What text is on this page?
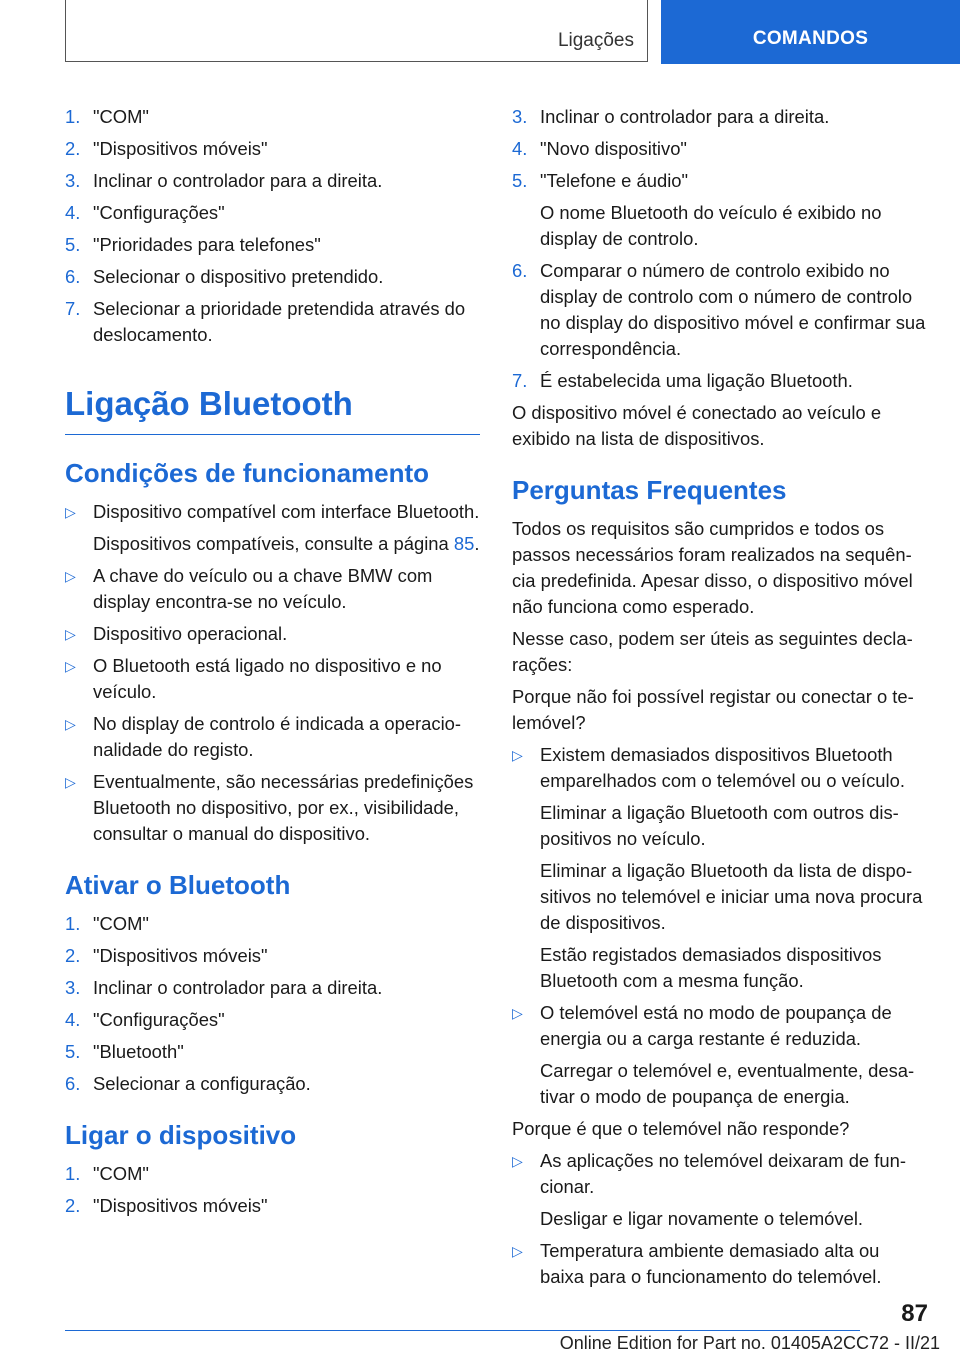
Ligações	COMANDOS
1. "COM"
2. "Dispositivos móveis"
3. Inclinar o controlador para a direita.
4. "Configurações"
5. "Prioridades para telefones"
6. Selecionar o dispositivo pretendido.
7. Selecionar a prioridade pretendida através do deslocamento.
Ligação Bluetooth
Condições de funcionamento
▷ Dispositivo compatível com interface Bluetooth.
Dispositivos compatíveis, consulte a página 85.
▷ A chave do veículo ou a chave BMW com display encontra-se no veículo.
▷ Dispositivo operacional.
▷ O Bluetooth está ligado no dispositivo e no veículo.
▷ No display de controlo é indicada a operacionalidade do registo.
▷ Eventualmente, são necessárias predefinições Bluetooth no dispositivo, por ex., visibilidade, consultar o manual do dispositivo.
Ativar o Bluetooth
1. "COM"
2. "Dispositivos móveis"
3. Inclinar o controlador para a direita.
4. "Configurações"
5. "Bluetooth"
6. Selecionar a configuração.
Ligar o dispositivo
1. "COM"
2. "Dispositivos móveis"
3. Inclinar o controlador para a direita.
4. "Novo dispositivo"
5. "Telefone e áudio"
O nome Bluetooth do veículo é exibido no display de controlo.
6. Comparar o número de controlo exibido no display de controlo com o número de controlo no display do dispositivo móvel e confirmar sua correspondência.
7. É estabelecida uma ligação Bluetooth.

O dispositivo móvel é conectado ao veículo e exibido na lista de dispositivos.

Perguntas Frequentes

Todos os requisitos são cumpridos e todos os passos necessários foram realizados na sequência predefinida. Apesar disso, o dispositivo móvel não funciona como esperado.

Nesse caso, podem ser úteis as seguintes declarações:

Porque não foi possível registar ou conectar o telemóvel?

▷ Existem demasiados dispositivos Bluetooth emparelhados com o telemóvel ou o veículo.
Eliminar a ligação Bluetooth com outros dispositivos no veículo.
Eliminar a ligação Bluetooth da lista de dispositivos no telemóvel e iniciar uma nova procura de dispositivos.
Estão registados demasiados dispositivos Bluetooth com a mesma função.
▷ O telemóvel está no modo de poupança de energia ou a carga restante é reduzida.
Carregar o telemóvel e, eventualmente, desativar o modo de poupança de energia.

Porque é que o telemóvel não responde?

▷ As aplicações no telemóvel deixaram de funcionar.
Desligar e ligar novamente o telemóvel.
▷ Temperatura ambiente demasiado alta ou baixa para o funcionamento do telemóvel.
87
Online Edition for Part no. 01405A2CC72 - II/21
